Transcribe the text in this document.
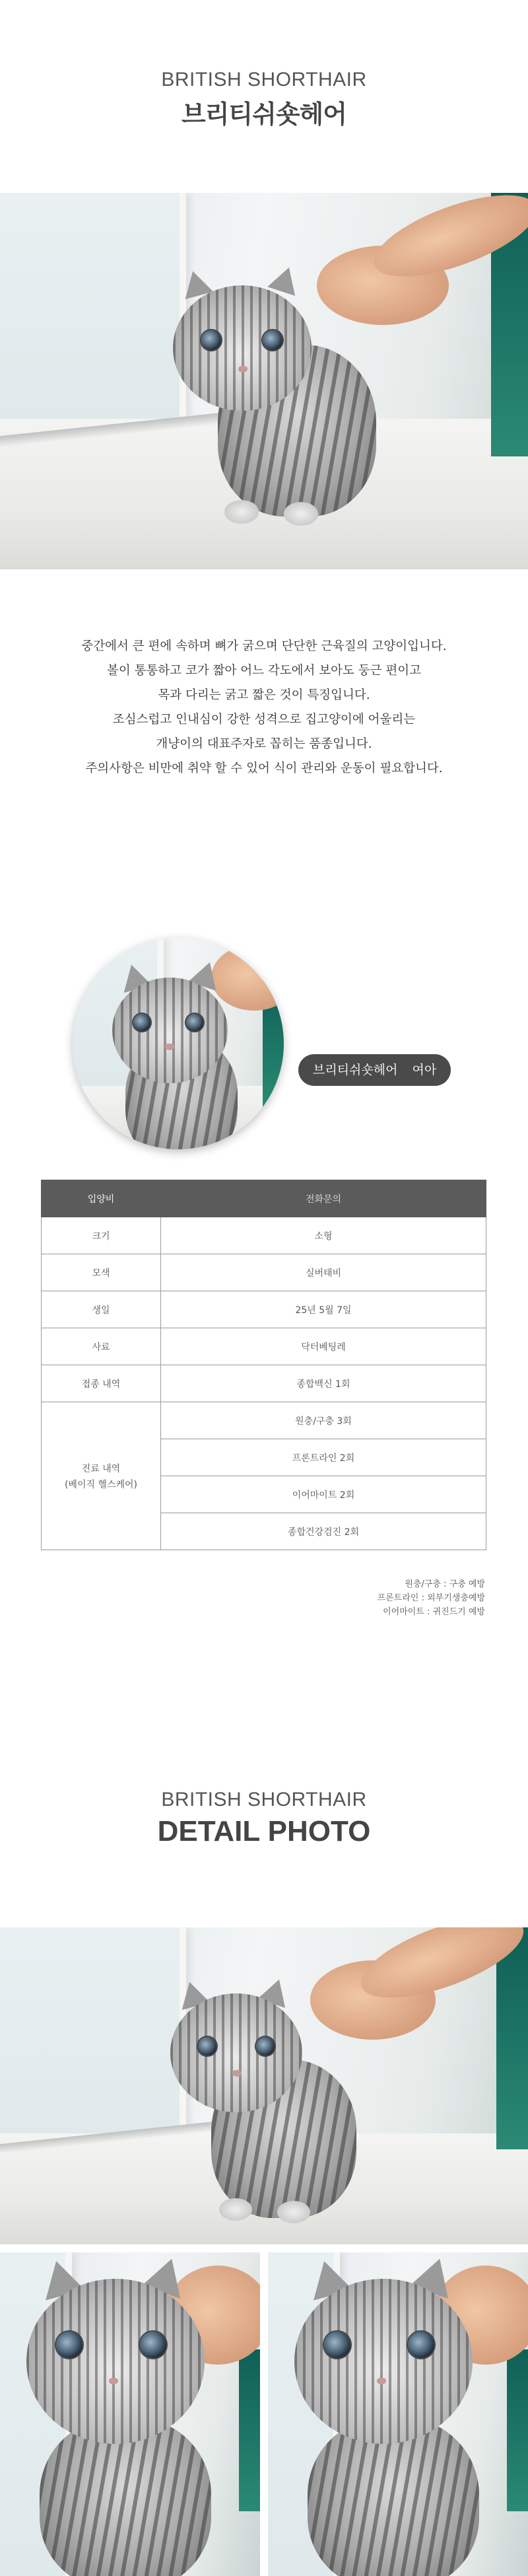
BRITISH SHORTHAIR
브리티쉬숏헤어

중간에서 큰 편에 속하며 뼈가 굵으며 단단한 근육질의 고양이입니다.

볼이 통통하고 코가 짧아 어느 각도에서 보아도 둥근 편이고

목과 다리는 굵고 짧은 것이 특징입니다.

조심스럽고 인내심이 강한 성격으로 집고양이에 어울리는

개냥이의 대표주자로 꼽히는 품종입니다.

주의사항은 비만에 취약 할 수 있어 식이 관리와 운동이 필요합니다.

브리티쉬숏헤어 여아
입양비	전화문의
크기	소형
모색	실버태비
생일	25년 5월 7일
사료	닥터베팅레
접종 내역	종합백신 1회

진료 내역
(베이직 헬스케어)	원충/구충 3회
	프론트라인 2회
	이어마이트 2회
	종합건강검진 2회
원충/구충 : 구충 예방
프론트라인 : 외부기생충예방
이어마이트 : 귀진드기 예방
BRITISH SHORTHAIR
DETAIL PHOTO
